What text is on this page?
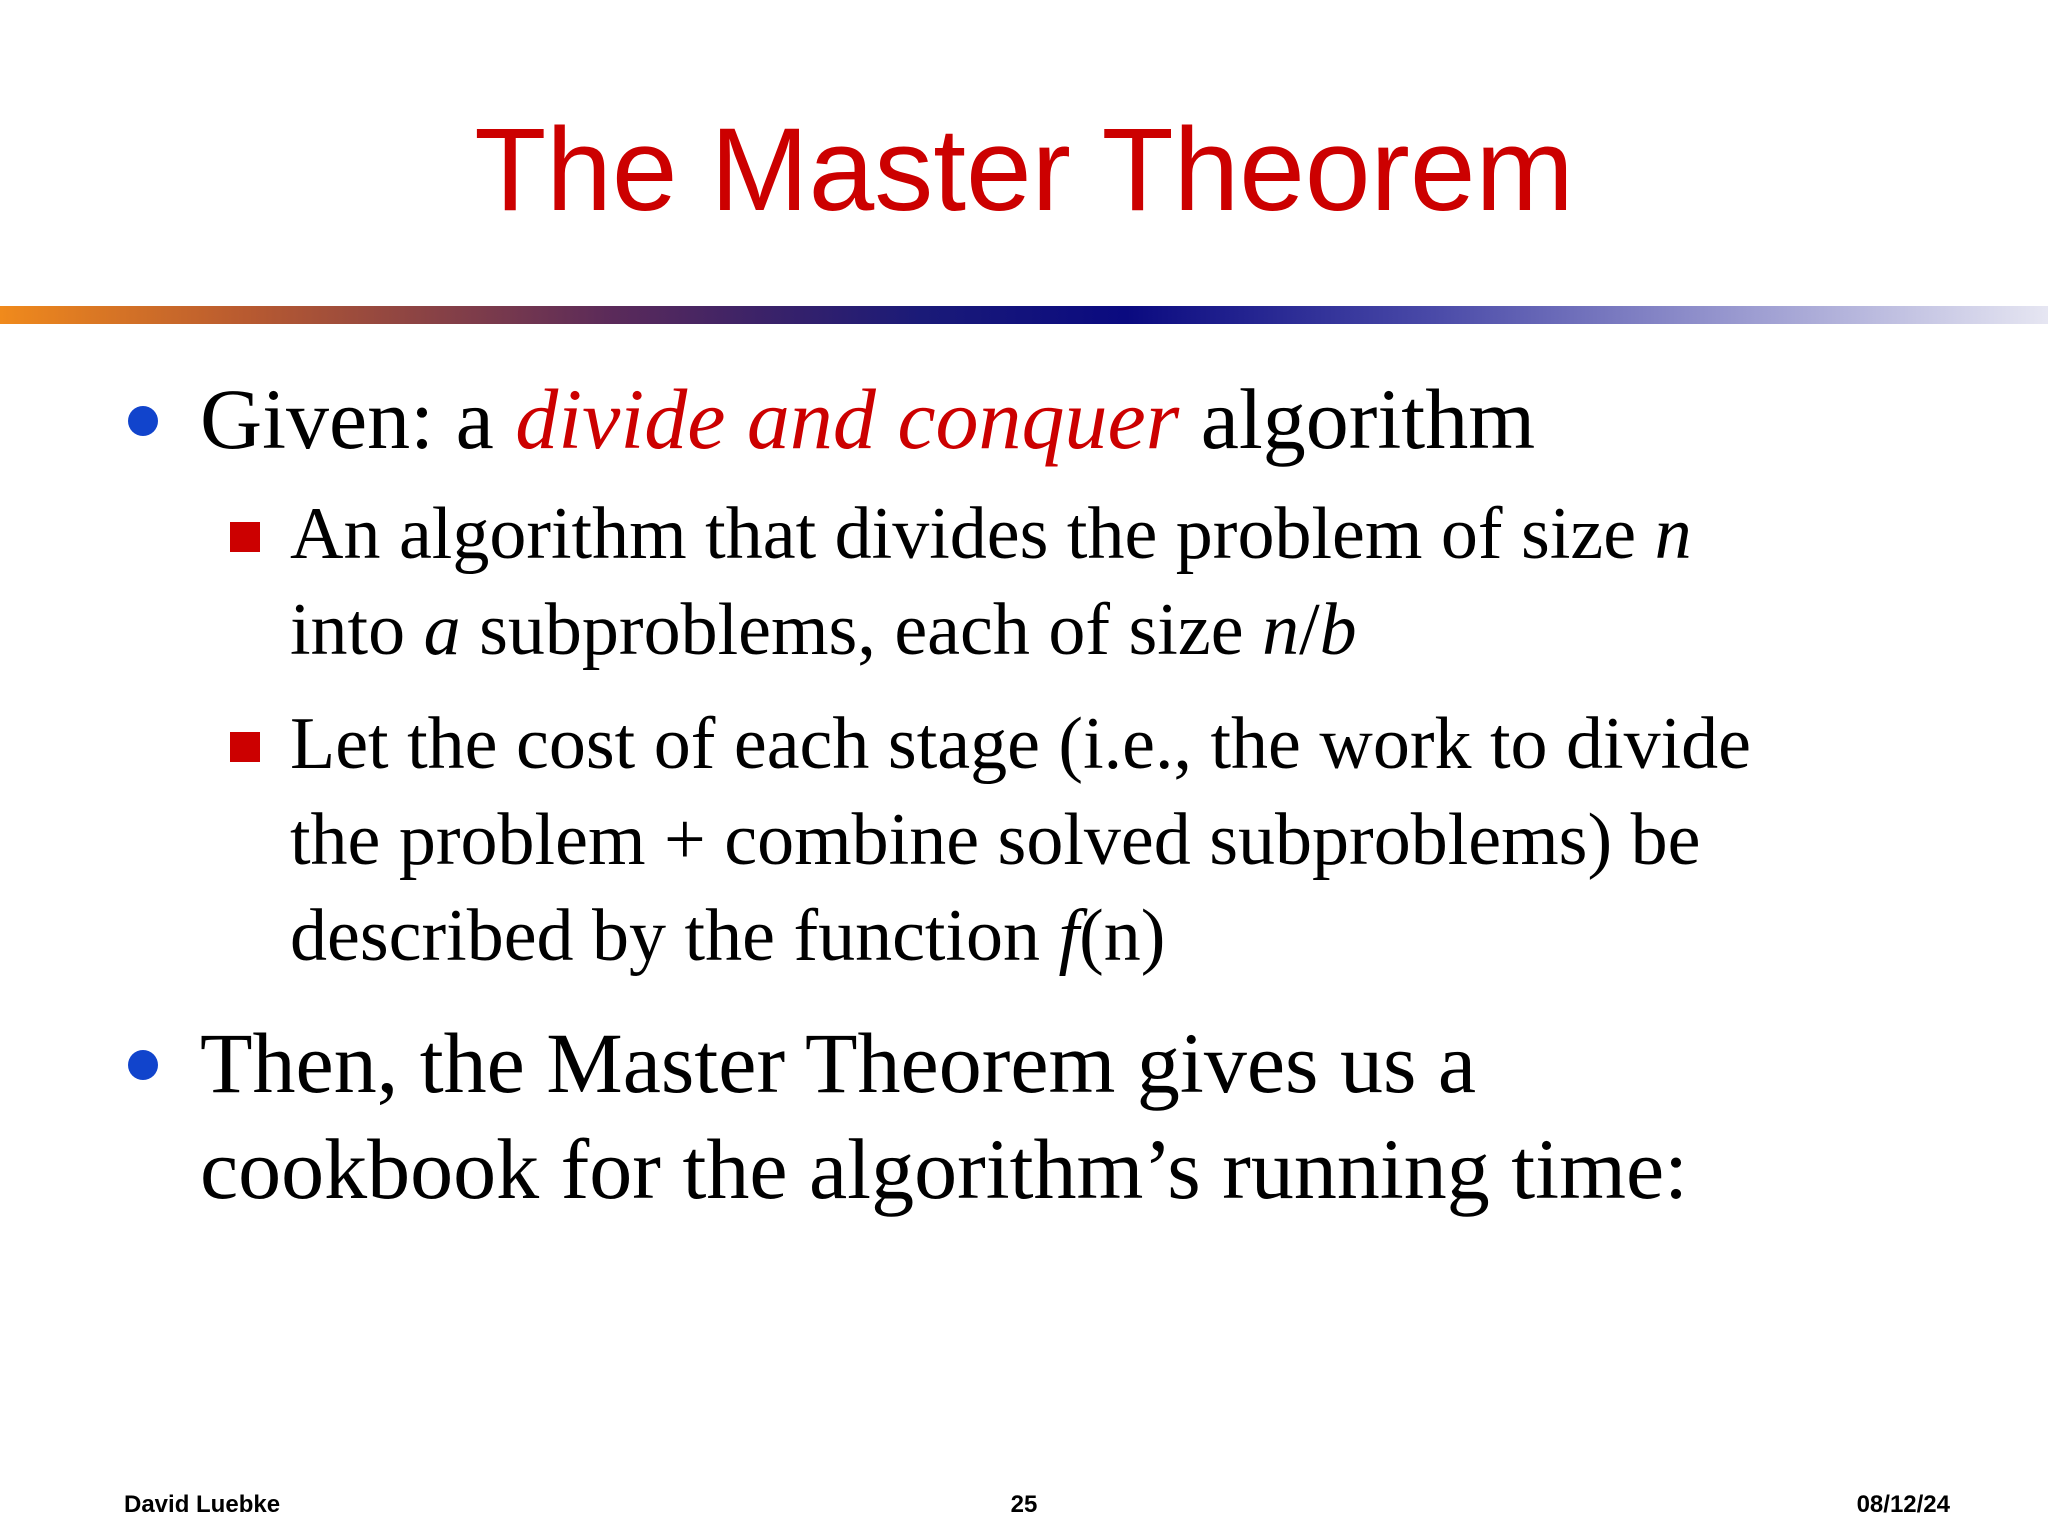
The Master Theorem
Given: a divide and conquer algorithm
An algorithm that divides the problem of size n
into a subproblems, each of size n/b
Let the cost of each stage (i.e., the work to divide
the problem + combine solved subproblems) be
described by the function f(n)
Then, the Master Theorem gives us a
cookbook for the algorithm’s running time:
David Luebke	25	08/12/24
